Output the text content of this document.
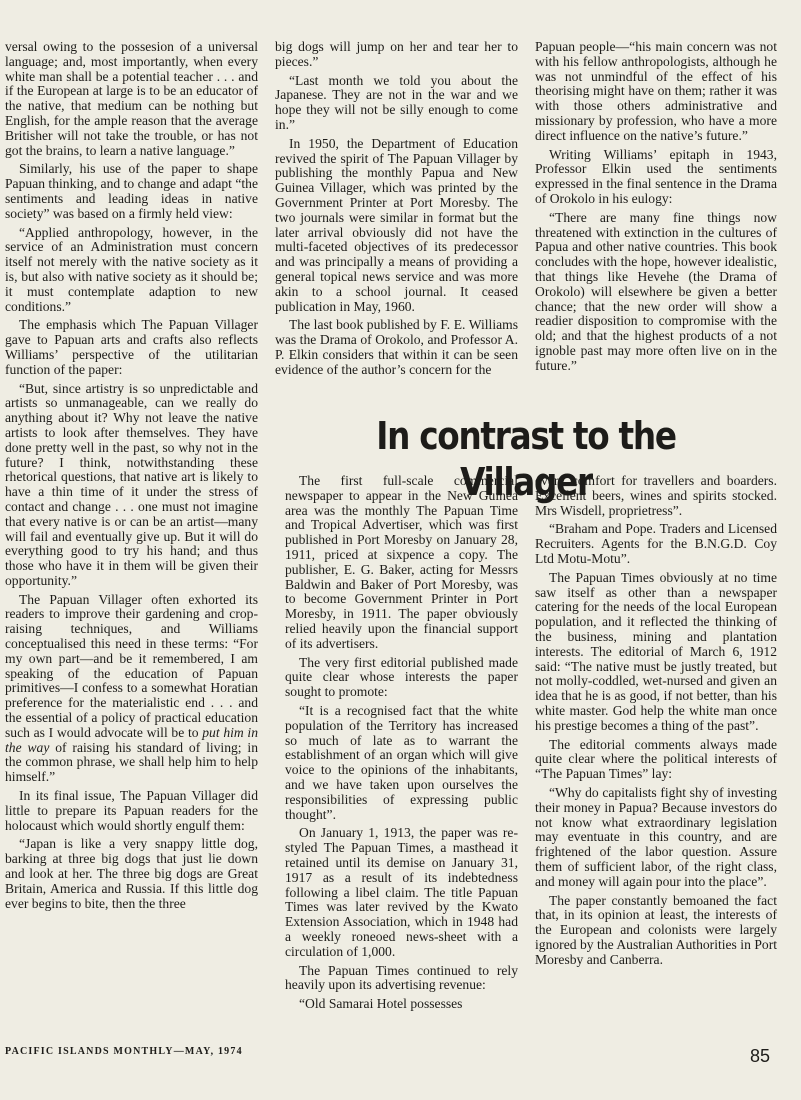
versal owing to the possesion of a universal language; and, most importantly, when every white man shall be a potential teacher . . . and if the European at large is to be an educator of the native, that medium can be nothing but English, for the ample reason that the average Britisher will not take the trouble, or has not got the brains, to learn a native language.”

Similarly, his use of the paper to shape Papuan thinking, and to change and adapt “the sentiments and leading ideas in native society” was based on a firmly held view:

“Applied anthropology, however, in the service of an Administration must concern itself not merely with the native society as it is, but also with native society as it should be; it must contemplate adaption to new conditions.”

The emphasis which The Papuan Villager gave to Papuan arts and crafts also reflects Williams’ perspective of the utilitarian function of the paper:

“But, since artistry is so unpredictable and artists so unmanageable, can we really do anything about it? Why not leave the native artists to look after themselves. They have done pretty well in the past, so why not in the future? I think, notwithstanding these rhetorical questions, that native art is likely to have a thin time of it under the stress of contact and change . . . one must not imagine that every native is or can be an artist—many will fail and eventually give up. But it will do everything good to try his hand; and thus those who have it in them will be given their opportunity.”

The Papuan Villager often exhorted its readers to improve their gardening and crop-raising techniques, and Williams conceptualised this need in these terms: “For my own part—and be it remembered, I am speaking of the education of Papuan primitives—I confess to a somewhat Horatian preference for the materialistic end . . . and the essential of a policy of practical education such as I would advocate will be to put him in the way of raising his standard of living; in the common phrase, we shall help him to help himself.”

In its final issue, The Papuan Villager did little to prepare its Papuan readers for the holocaust which would shortly engulf them:

“Japan is like a very snappy little dog, barking at three big dogs that just lie down and look at her. The three big dogs are Great Britain, America and Russia. If this little dog ever begins to bite, then the three

big dogs will jump on her and tear her to pieces.”

“Last month we told you about the Japanese. They are not in the war and we hope they will not be silly enough to come in.”

In 1950, the Department of Education revived the spirit of The Papuan Villager by publishing the monthly Papua and New Guinea Villager, which was printed by the Government Printer at Port Moresby. The two journals were similar in format but the later arrival obviously did not have the multi-faceted objectives of its predecessor and was principally a means of providing a general topical news service and was more akin to a school journal. It ceased publication in May, 1960.

The last book published by F. E. Williams was the Drama of Orokolo, and Professor A. P. Elkin considers that within it can be seen evidence of the author’s concern for the

Papuan people—“his main concern was not with his fellow anthropologists, although he was not unmindful of the effect of his theorising might have on them; rather it was with those others administrative and missionary by profession, who have a more direct influence on the native’s future.”

Writing Williams’ epitaph in 1943, Professor Elkin used the sentiments expressed in the final sentence in the Drama of Orokolo in his eulogy:

“There are many fine things now threatened with extinction in the cultures of Papua and other native countries. This book concludes with the hope, however idealistic, that things like Hevehe (the Drama of Orokolo) will elsewhere be given a better chance; that the new order will show a readier disposition to compromise with the old; and that the highest products of a not ignoble past may more often live on in the future.”

In contrast to the Villager

The first full-scale commercial newspaper to appear in the New Guinea area was the monthly The Papuan Time and Tropical Advertiser, which was first published in Port Moresby on January 28, 1911, priced at sixpence a copy. The publisher, E. G. Baker, acting for Messrs Baldwin and Baker of Port Moresby, was to become Government Printer in Port Moresby, in 1911. The paper obviously relied heavily upon the financial support of its advertisers.

The very first editorial published made quite clear whose interests the paper sought to promote:

“It is a recognised fact that the white population of the Territory has increased so much of late as to warrant the establishment of an organ which will give voice to the opinions of the inhabitants, and we have taken upon ourselves the responsibilities of expressing public thought”.

On January 1, 1913, the paper was re-styled The Papuan Times, a masthead it retained until its demise on January 31, 1917 as a result of its indebtedness following a libel claim. The title Papuan Times was later revived by the Kwato Extension Association, which in 1948 had a weekly roneoed news-sheet with a circulation of 1,000.

The Papuan Times continued to rely heavily upon its advertising revenue:

“Old Samarai Hotel possesses

every comfort for travellers and boarders. Excellent beers, wines and spirits stocked. Mrs Wisdell, proprietress”.

“Braham and Pope. Traders and Licensed Recruiters. Agents for the B.N.G.D. Coy Ltd Motu-Motu”.

The Papuan Times obviously at no time saw itself as other than a newspaper catering for the needs of the local European population, and it reflected the thinking of the business, mining and plantation interests. The editorial of March 6, 1912 said: “The native must be justly treated, but not molly-coddled, wet-nursed and given an idea that he is as good, if not better, than his white master. God help the white man once his prestige becomes a thing of the past”.

The editorial comments always made quite clear where the political interests of “The Papuan Times” lay:

“Why do capitalists fight shy of investing their money in Papua? Because investors do not know what extraordinary legislation may eventuate in this country, and are frightened of the labor question. Assure them of sufficient labor, of the right class, and money will again pour into the place”.

The paper constantly bemoaned the fact that, in its opinion at least, the interests of the European and colonists were largely ignored by the Australian Authorities in Port Moresby and Canberra.

PACIFIC ISLANDS MONTHLY—MAY, 1974	85
